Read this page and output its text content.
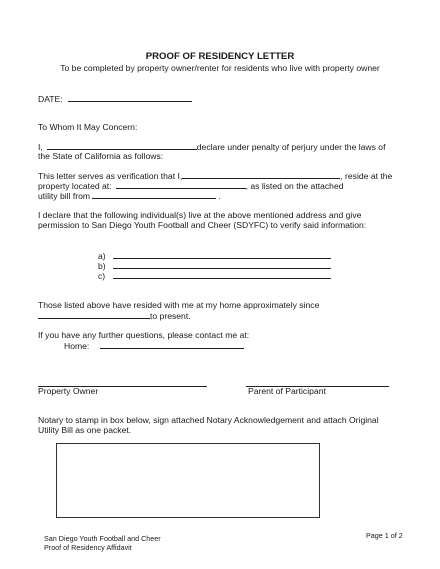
PROOF OF RESIDENCY LETTER
To be completed by property owner/renter for residents who live with property owner
DATE:
To Whom It May Concern:
I,	declare under penalty of perjury under the laws of
the State of California as follows:
This letter serves as verification that I,	, reside at the
property located at:	, as listed on the attached
utility bill from	.
I declare that the following individual(s) live at the above mentioned address and give
permission to San Diego Youth Football and Cheer (SDYFC) to verify said information:
a)
b)
c)
Those listed above have resided with me at my home approximately since
to present.
If you have any further questions, please contact me at:
Home:
Property Owner	Parent of Participant
Notary to stamp in box below, sign attached Notary Acknowledgement and attach Original
Utility Bill as one packet.
San Diego Youth Football and Cheer
Proof of Residency Affidavit
Page 1 of 2
